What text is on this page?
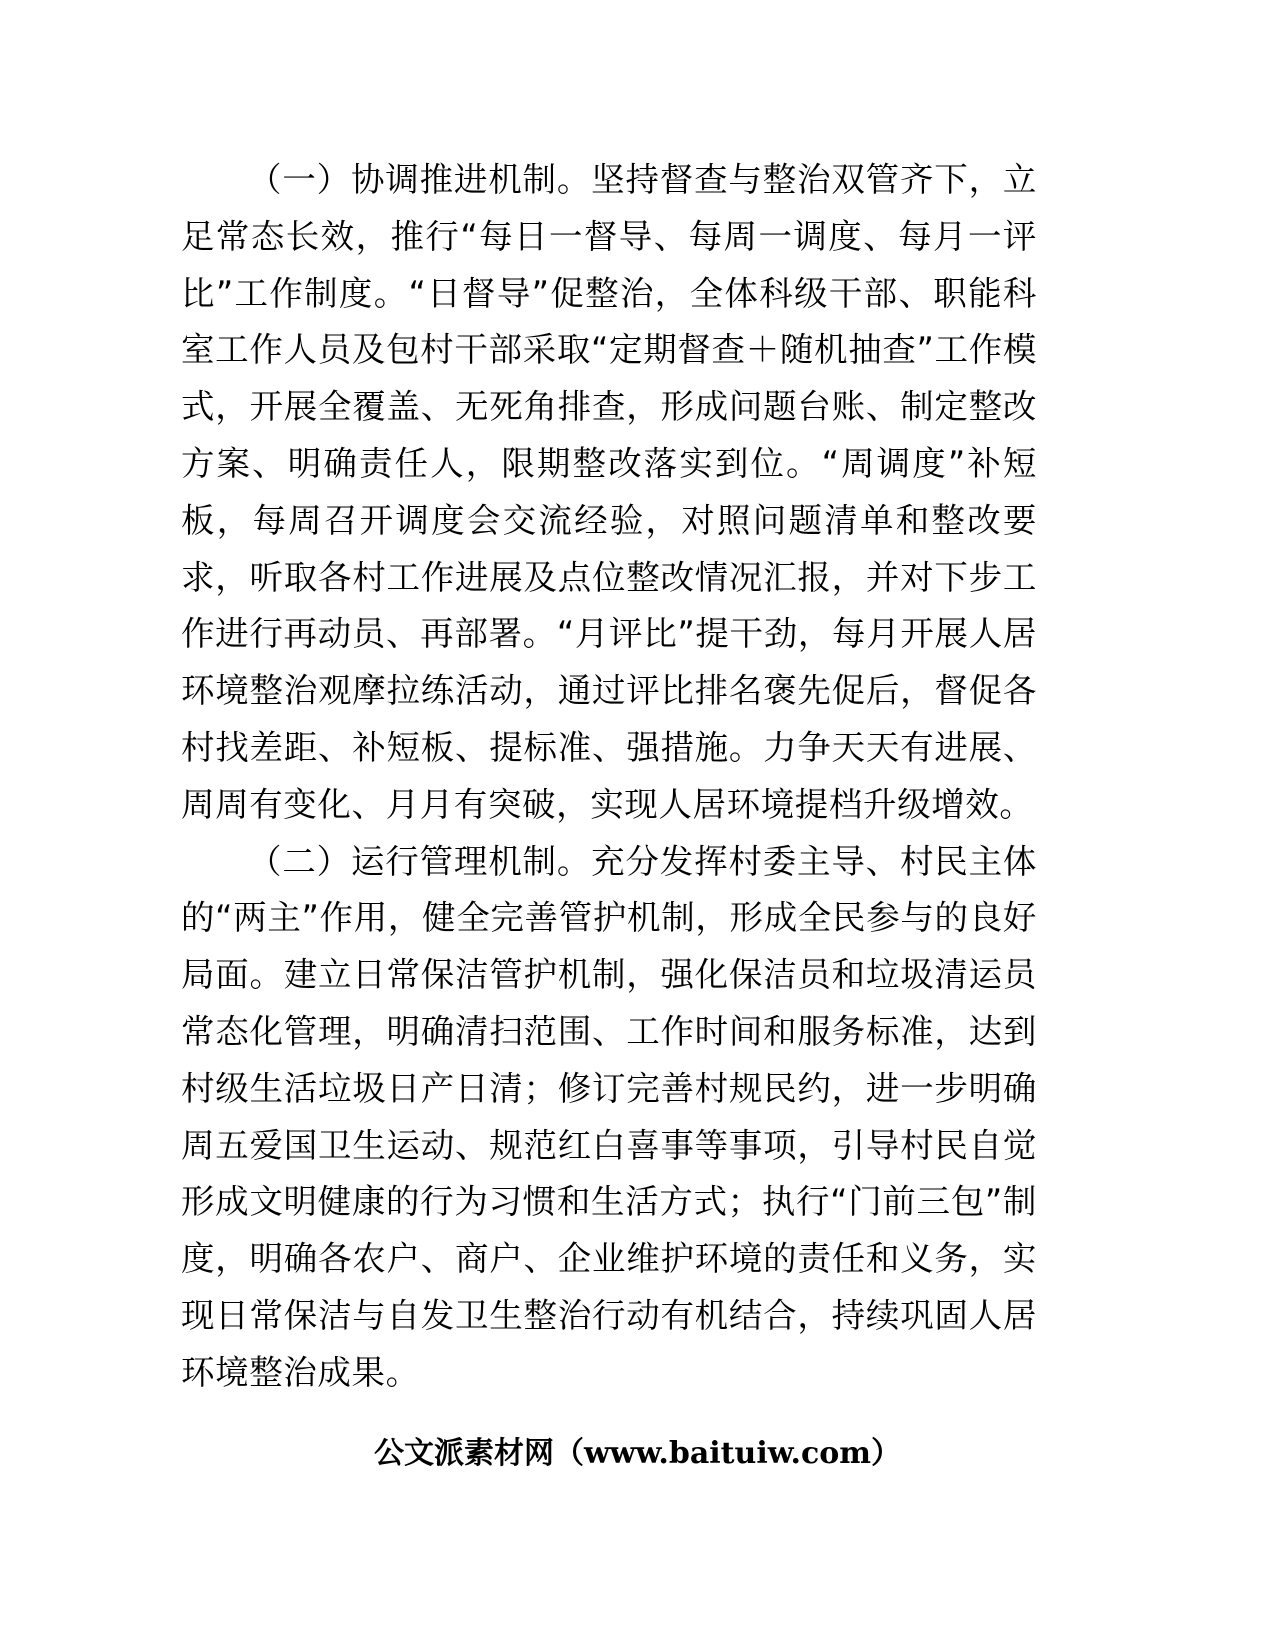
（一）协调推进机制。坚持督查与整治双管齐下，立足常态长效，推行“每日一督导、每周一调度、每月一评比”工作制度。“日督导”促整治，全体科级干部、职能科室工作人员及包村干部采取“定期督查＋随机抽查”工作模式，开展全覆盖、无死角排查，形成问题台账、制定整改方案、明确责任人，限期整改落实到位。“周调度”补短板，每周召开调度会交流经验，对照问题清单和整改要求，听取各村工作进展及点位整改情况汇报，并对下步工作进行再动员、再部署。“月评比”提干劲，每月开展人居环境整治观摩拉练活动，通过评比排名褒先促后，督促各村找差距、补短板、提标准、强措施。力争天天有进展、周周有变化、月月有突破，实现人居环境提档升级增效。

（二）运行管理机制。充分发挥村委主导、村民主体的“两主”作用，健全完善管护机制，形成全民参与的良好局面。建立日常保洁管护机制，强化保洁员和垃圾清运员常态化管理，明确清扫范围、工作时间和服务标准，达到村级生活垃圾日产日清；修订完善村规民约，进一步明确周五爱国卫生运动、规范红白喜事等事项，引导村民自觉形成文明健康的行为习惯和生活方式；执行“门前三包”制度，明确各农户、商户、企业维护环境的责任和义务，实现日常保洁与自发卫生整治行动有机结合，持续巩固人居环境整治成果。

公文派素材网（www.baituiw.com）
